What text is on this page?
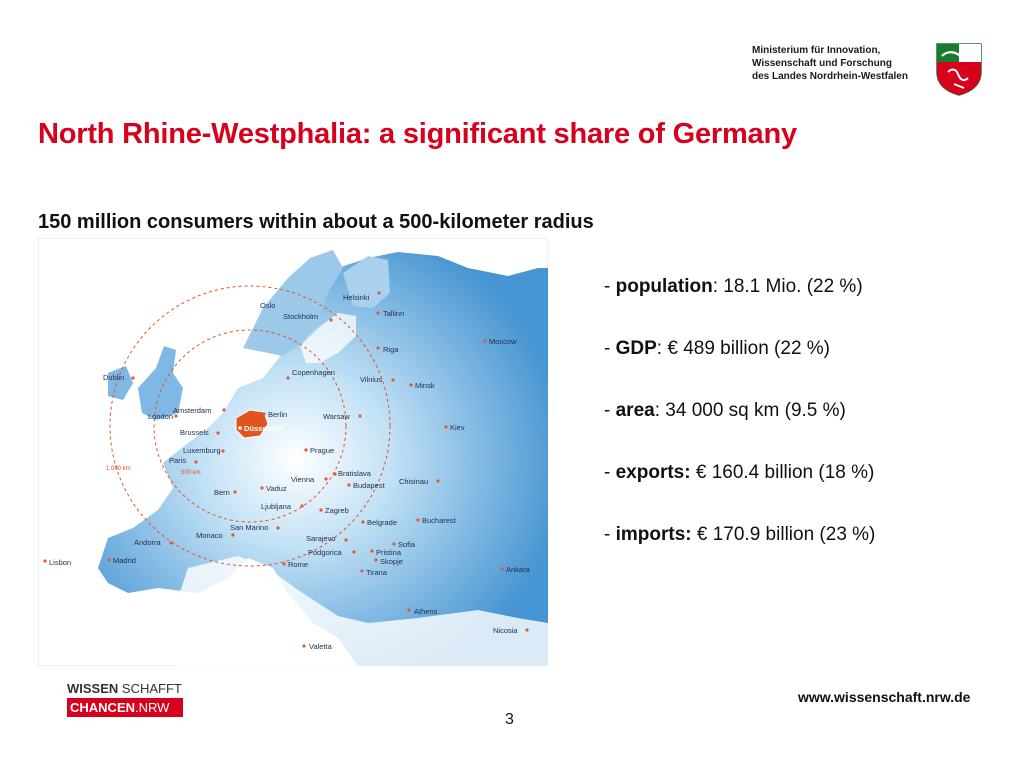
Ministerium für Innovation,
Wissenschaft und Forschung
des Landes Nordrhein-Westfalen
North Rhine-Westphalia: a significant share of Germany
150 million consumers within about a 500-kilometer radius
1.000 km
500 km
Oslo
Helsinki
Stockholm	Tallinn
Riga
Moscow
Copenhagen
Dublin	Vilnius
Minsk
London
Amsterdam	Berlin
Brussels	Düsseldorf
Warsaw
Kiev
Luxemburg
Paris
Prague
Vienna
Bratislava
Chisinau
Budapest
Bern	Vaduz
Ljubljana	Zagreb
Belgrade	Bucharest
San Marino
Monaco	Sarajevo
Andorra	Sofia
Pristina
Podgorica
Skopje
Madrid	Rome
Tirana
Lisbon
Ankara
Athens
Nicosia
Valetta
- population: 18.1 Mio. (22 %)
- GDP: € 489 billion (22 %)
- area: 34 000 sq km (9.5 %)
- exports: € 160.4 billion (18 %)
- imports: € 170.9 billion (23 %)
WISSEN SCHAFFT
CHANCEN.NRW
www.wissenschaft.nrw.de
3
